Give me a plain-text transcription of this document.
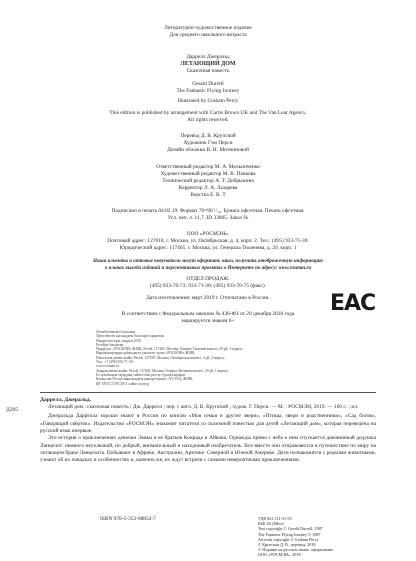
Литературно-художественное издание
Для среднего школьного возраста
Даррелл Джеральд
ЛЕТАЮЩИЙ ДОМ
Сказочная повесть
Gerald Durrell
The Fantastic Flying Journey
Illustrated by Graham Percy
This edition is published by arrangement with Curtis Brown UK and The Van Lear Agency.
All rights reserved.
Перевод Д. В. Крупской
Художник Гэм Перси
Дизайн обложки В. Н. Митниновой
Ответственный редактор М. А. Мельниченко
Художественный редактор М. В. Панкова
Технический редактор А. Т. Добрынина
Корректор Л. А. Лазарева
Верстка Е. В. Т
Подписано в печать 04.02.19. Формат 70×90 ¹/₁₆. Бумага офсетная. Печать офсетная.
Усл. печ. л. 11,7. ID 33865. Заказ №
ООО «РОСМЭН».
Почтовый адрес: 127018, г. Москва, ул. Октябрьская, д. 4, корп. 2. Тел.: (495) 933-71-30.
Юридический адрес: 117465, г. Москва, ул. Генерала Тюленева, д. 29, корп. 1
Наши клиенты и оптовые покупатели могут оформить заказ, получить отображенную информацию
о планах выхода изданий и перспективных проектах в Интернете по адресу: www.rosman.ru
ОТДЕЛ ПРОДАЖ:
(495) 933-70-73; 933-71-30; (495) 933-70-75 (факс).
Дата изготовления: март 2019 г. Отпечатано в России.
В соответствии с Федеральным законом № 436-ФЗ от 29 декабря 2010 года
маркируется знаком 6+
Әсемби-кенеміз басылым
Орта мектеп жасындағы балаларға арналған
Өндірілген күні: наурыз 2019
Ресейде басылған
Өндіруші: «РОСМЭН» ЖШҚ, Ресей, 117465, Москва, Генерал Тюленев көшесі, 29 үй, 1-корпус
Наразылықтарды қабылдауға уәкілетті тұлға «РОСМЭН» ЖШҚ
Пошталық мекен-жайы: Ресей, 127018, Москва, Октябрьская көшесі, 4 үй, 2-корпус.
Тел.: +7 (495) 933-71-30.
www.rosman.ru
Зондық мекен-жайы: Ресей, 117465, Москва, Генерал Тюленев көшесі, 29 үй, 1-корпус
Ел аумағында тауардың сәйкестігін растау туралы ақпарат
Қазақстан Республикасындағы импорттаушы: «ҰСТАЗ» ЖШҚ
ҚР ТР ЕСТ 007/2011 сәйкес келеді
EAC
Даррелл, Джеральд.
Летающий дом : сказочная повесть / Дж. Даррелл ; пер. с англ. Д. В. Крупской ; худож. Г. Перси. — М. : РОСМЭН, 2019. — 160 с. : ил.
Джеральда Даррелла хорошо знают в России по книгам «Моя семья и другие звери», «Птицы, звери и родственники», «Сад богов», «Говорящий свёрток». Издательство «РОСМЭН» знакомит читателя со сказочной повестью для детей «Летающий дом», которая переведена на русский язык впервые.
Это история о приключениях девочки Эммы и ее братьев Конрада и Айвана. Однажды прямо с неба к ним спускается диковинный дедушка Ланцелот: немного неуклюжий, но добрый, внимательный и находчивый изобретатель. Все вместе они отправляются в путешествие по миру на летающем браке Ланцелота. Побывают в Африке, Австралии, Арктике. Северной и Южной Америке. Дети познакомятся с редкими животными, узнают об их повадках и особенностях и, конечно же, их ждут встречи с самыми невероятными приключениями.
Д205
ISBN 978-5-353-08854-7	УДК 821.111-31-93
ББК 84 (4Вел)
Text copyright © Gerald Durrell, 1987
The Fantastic Flying Journey © 1987
Artwork copyright © Graham Percy
© Крупская Д. В., перевод, 2018
© Издание на русском языке, оформление.
ООО «РОСМЭН», 2018
